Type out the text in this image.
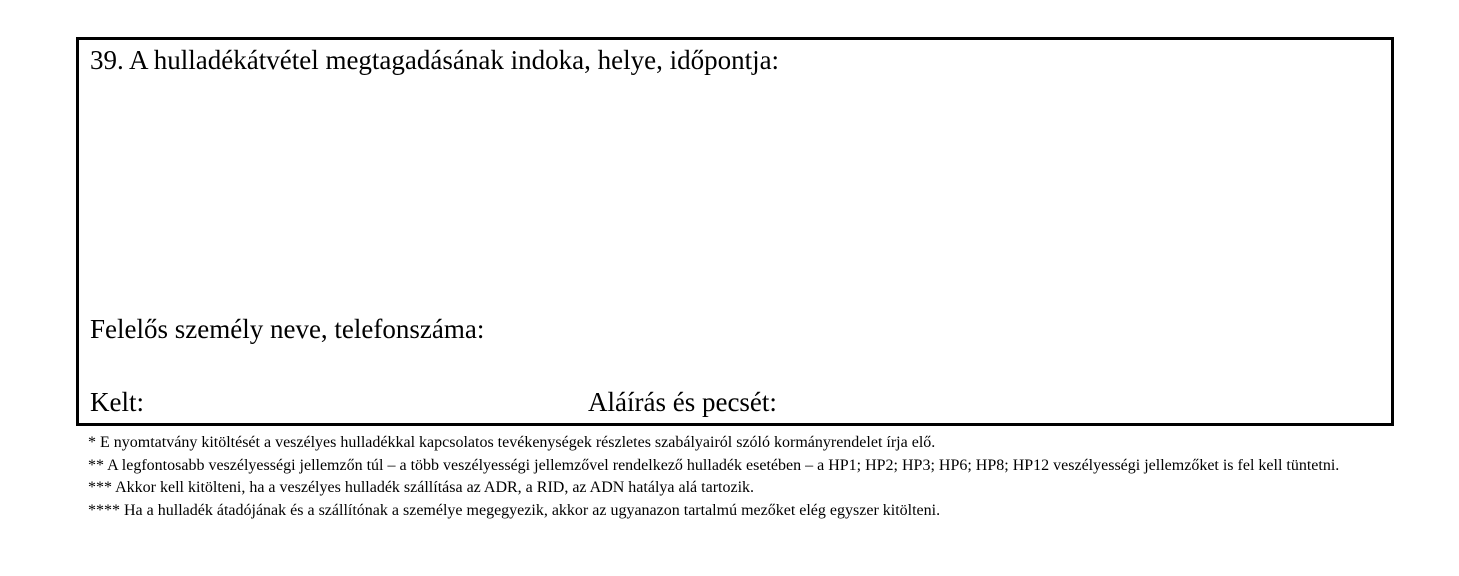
39. A hulladékátvétel megtagadásának indoka, helye, időpontja:
Felelős személy neve, telefonszáma:
Kelt:	Aláírás és pecsét:

* E nyomtatvány kitöltését a veszélyes hulladékkal kapcsolatos tevékenységek részletes szabályairól szóló kormányrendelet írja elő.

** A legfontosabb veszélyességi jellemzőn túl – a több veszélyességi jellemzővel rendelkező hulladék esetében – a HP1; HP2; HP3; HP6; HP8; HP12 veszélyességi jellemzőket is fel kell tüntetni.

*** Akkor kell kitölteni, ha a veszélyes hulladék szállítása az ADR, a RID, az ADN hatálya alá tartozik.

**** Ha a hulladék átadójának és a szállítónak a személye megegyezik, akkor az ugyanazon tartalmú mezőket elég egyszer kitölteni.
